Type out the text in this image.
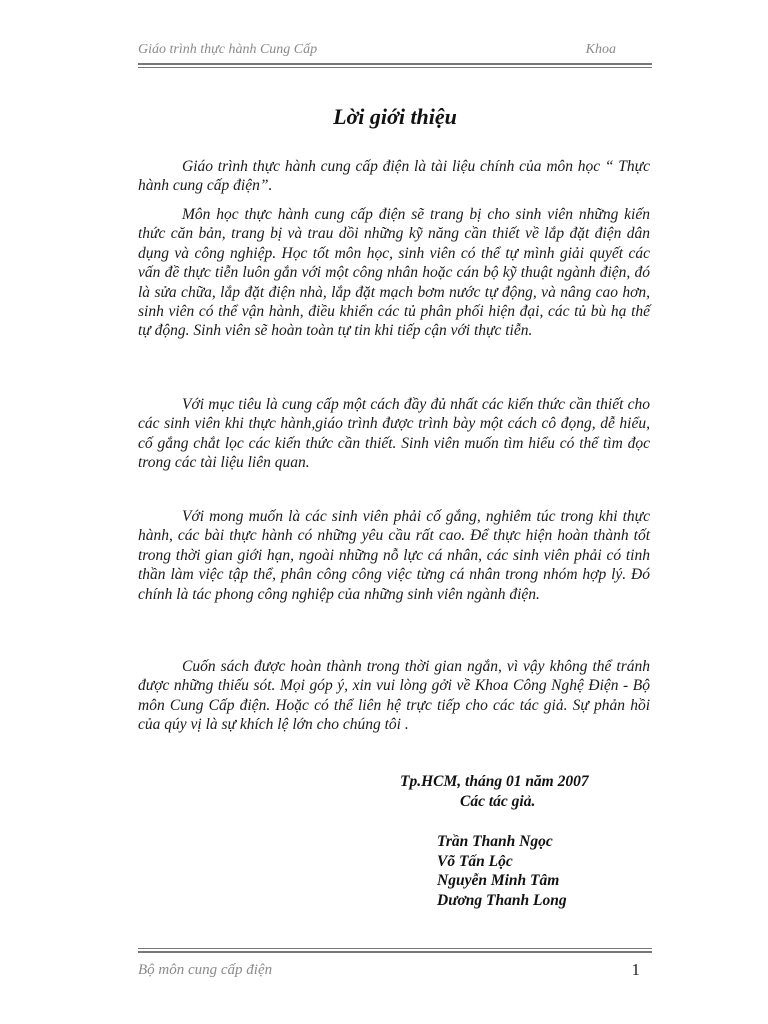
Giáo trình thực hành Cung Cấp	Khoa
Lời giới thiệu

Giáo trình thực hành cung cấp điện là tài liệu chính của môn học “ Thực hành cung cấp điện”.

Môn học thực hành cung cấp điện sẽ trang bị cho sinh viên những kiến thức căn bản, trang bị và trau dồi những kỹ năng cần thiết về lắp đặt điện dân dụng và công nghiệp. Học tốt môn học, sinh viên có thể tự mình giải quyết các vấn đề thực tiễn luôn gắn với một công nhân hoặc cán bộ kỹ thuật ngành điện, đó là sửa chữa, lắp đặt điện nhà, lắp đặt mạch bơm nước tự động, và nâng cao hơn, sinh viên có thể vận hành, điều khiển các tủ phân phối hiện đại, các tủ bù hạ thế tự động. Sinh viên sẽ hoàn toàn tự tin khi tiếp cận với thực tiễn.

Với mục tiêu là cung cấp một cách đầy đủ nhất các kiến thức cần thiết cho các sinh viên khi thực hành,giáo trình được trình bày một cách cô đọng, dễ hiểu, cố gắng chắt lọc các kiến thức cần thiết. Sinh viên muốn tìm hiểu có thể tìm đọc trong các tài liệu liên quan.

Với mong muốn là các sinh viên phải cố gắng, nghiêm túc trong khi thực hành, các bài thực hành có những yêu cầu rất cao. Để thực hiện hoàn thành tốt trong thời gian giới hạn, ngoài những nỗ lực cá nhân, các sinh viên phải có tinh thần làm việc tập thể, phân công công việc từng cá nhân trong nhóm hợp lý. Đó chính là tác phong công nghiệp của những sinh viên ngành điện.

Cuốn sách được hoàn thành trong thời gian ngắn, vì vậy không thể tránh được những thiếu sót. Mọi góp ý, xin vui lòng gởi về Khoa Công Nghệ Điện - Bộ môn Cung Cấp điện. Hoặc có thể liên hệ trực tiếp cho các tác giả. Sự phản hồi của qúy vị là sự khích lệ lớn cho chúng tôi .

Tp.HCM, tháng 01 năm 2007
Các tác giả.
Trần Thanh Ngọc
Võ Tấn Lộc
Nguyễn Minh Tâm
Dương Thanh Long
Bộ môn cung cấp điện	1
